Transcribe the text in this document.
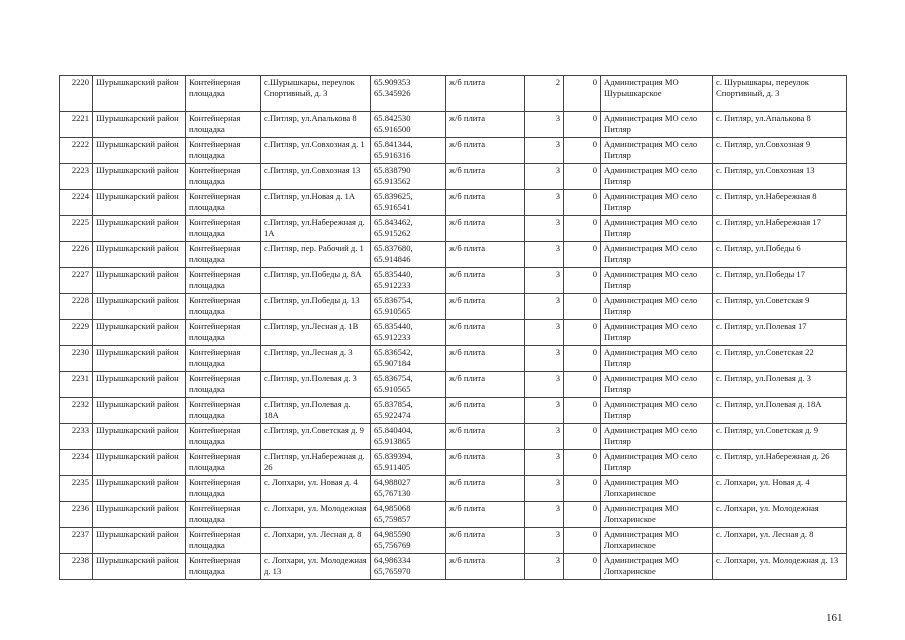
2220	Шурышкарский район	Контейнерная площадка	с.Шурышкары, переулок Спортивный, д. 3	65.909353 65.345926	ж/б плита	2	0	Администрация МО Шурышкарское	с. Шурышкары, переулок Спортивный, д. 3
2221	Шурышкарский район	Контейнерная площадка	с.Питляр, ул.Апалькова 8	65.842530 65.916500	ж/б плита	3	0	Администрация МО село Питляр	с. Питляр, ул.Апалькова 8
2222	Шурышкарский район	Контейнерная площадка	с.Питляр, ул.Совхозная д. 1	65.841344, 65.916316	ж/б плита	3	0	Администрация МО село Питляр	с. Питляр, ул.Совхозная 9
2223	Шурышкарский район	Контейнерная площадка	с.Питляр, ул.Совхозная 13	65.838790 65.913562	ж/б плита	3	0	Администрация МО село Питляр	с. Питляр, ул.Совхозная 13
2224	Шурышкарский район	Контейнерная площадка	с.Питляр, ул.Новая д. 1А	65.839625, 65.916541	ж/б плита	3	0	Администрация МО село Питляр	с. Питляр, ул.Набережная 8
2225	Шурышкарский район	Контейнерная площадка	с.Питляр, ул.Набережная д. 1А	65.843462, 65.915262	ж/б плита	3	0	Администрация МО село Питляр	с. Питляр, ул.Набережная 17
2226	Шурышкарский район	Контейнерная площадка	с.Питляр, пер. Рабочий д. 1	65.837680, 65.914846	ж/б плита	3	0	Администрация МО село Питляр	с. Питляр, ул.Победы 6
2227	Шурышкарский район	Контейнерная площадка	с.Питляр, ул.Победы д. 8А	65.835440, 65.912233	ж/б плита	3	0	Администрация МО село Питляр	с. Питляр, ул.Победы 17
2228	Шурышкарский район	Контейнерная площадка	с.Питляр, ул.Победы д. 13	65.836754, 65.910565	ж/б плита	3	0	Администрация МО село Питляр	с. Питляр, ул.Советская 9
2229	Шурышкарский район	Контейнерная площадка	с.Питляр, ул.Лесная д. 1В	65.835440, 65.912233	ж/б плита	3	0	Администрация МО село Питляр	с. Питляр, ул.Полевая 17
2230	Шурышкарский район	Контейнерная площадка	с.Питляр, ул.Лесная д. 3	65.836542, 65.907184	ж/б плита	3	0	Администрация МО село Питляр	с. Питляр, ул.Советская 22
2231	Шурышкарский район	Контейнерная площадка	с.Питляр, ул.Полевая д. 3	65.836754, 65.910565	ж/б плита	3	0	Администрация МО село Питляр	с. Питляр, ул.Полевая д. 3
2232	Шурышкарский район	Контейнерная площадка	с.Питляр, ул.Полевая д. 18А	65.837854, 65.922474	ж/б плита	3	0	Администрация МО село Питляр	с. Питляр, ул.Полевая д. 18А
2233	Шурышкарский район	Контейнерная площадка	с.Питляр, ул.Советская д. 9	65.840404, 65.913865	ж/б плита	3	0	Администрация МО село Питляр	с. Питляр, ул.Советская д. 9
2234	Шурышкарский район	Контейнерная площадка	с.Питляр, ул.Набережная д. 26	65.839394, 65.911405	ж/б плита	3	0	Администрация МО село Питляр	с. Питляр, ул.Набережная д. 26
2235	Шурышкарский район	Контейнерная площадка	с. Лопхари, ул. Новая д. 4	64,988027 65,767130	ж/б плита	3	0	Администрация МО Лопхаринское	с. Лопхари, ул. Новая д. 4
2236	Шурышкарский район	Контейнерная площадка	с. Лопхари, ул. Молодежная	64,985068 65,759857	ж/б плита	3	0	Администрация МО Лопхаринское	с. Лопхари, ул. Молодежная
2237	Шурышкарский район	Контейнерная площадка	с. Лопхари, ул. Лесная д. 8	64,985590 65,756769	ж/б плита	3	0	Администрация МО Лопхаринское	с. Лопхари, ул. Лесная д. 8
2238	Шурышкарский район	Контейнерная площадка	с. Лопхари, ул. Молодежная д. 13	64,986334 65,765970	ж/б плита	3	0	Администрация МО Лопхаринское	с. Лопхари, ул. Молодежная д. 13
161
